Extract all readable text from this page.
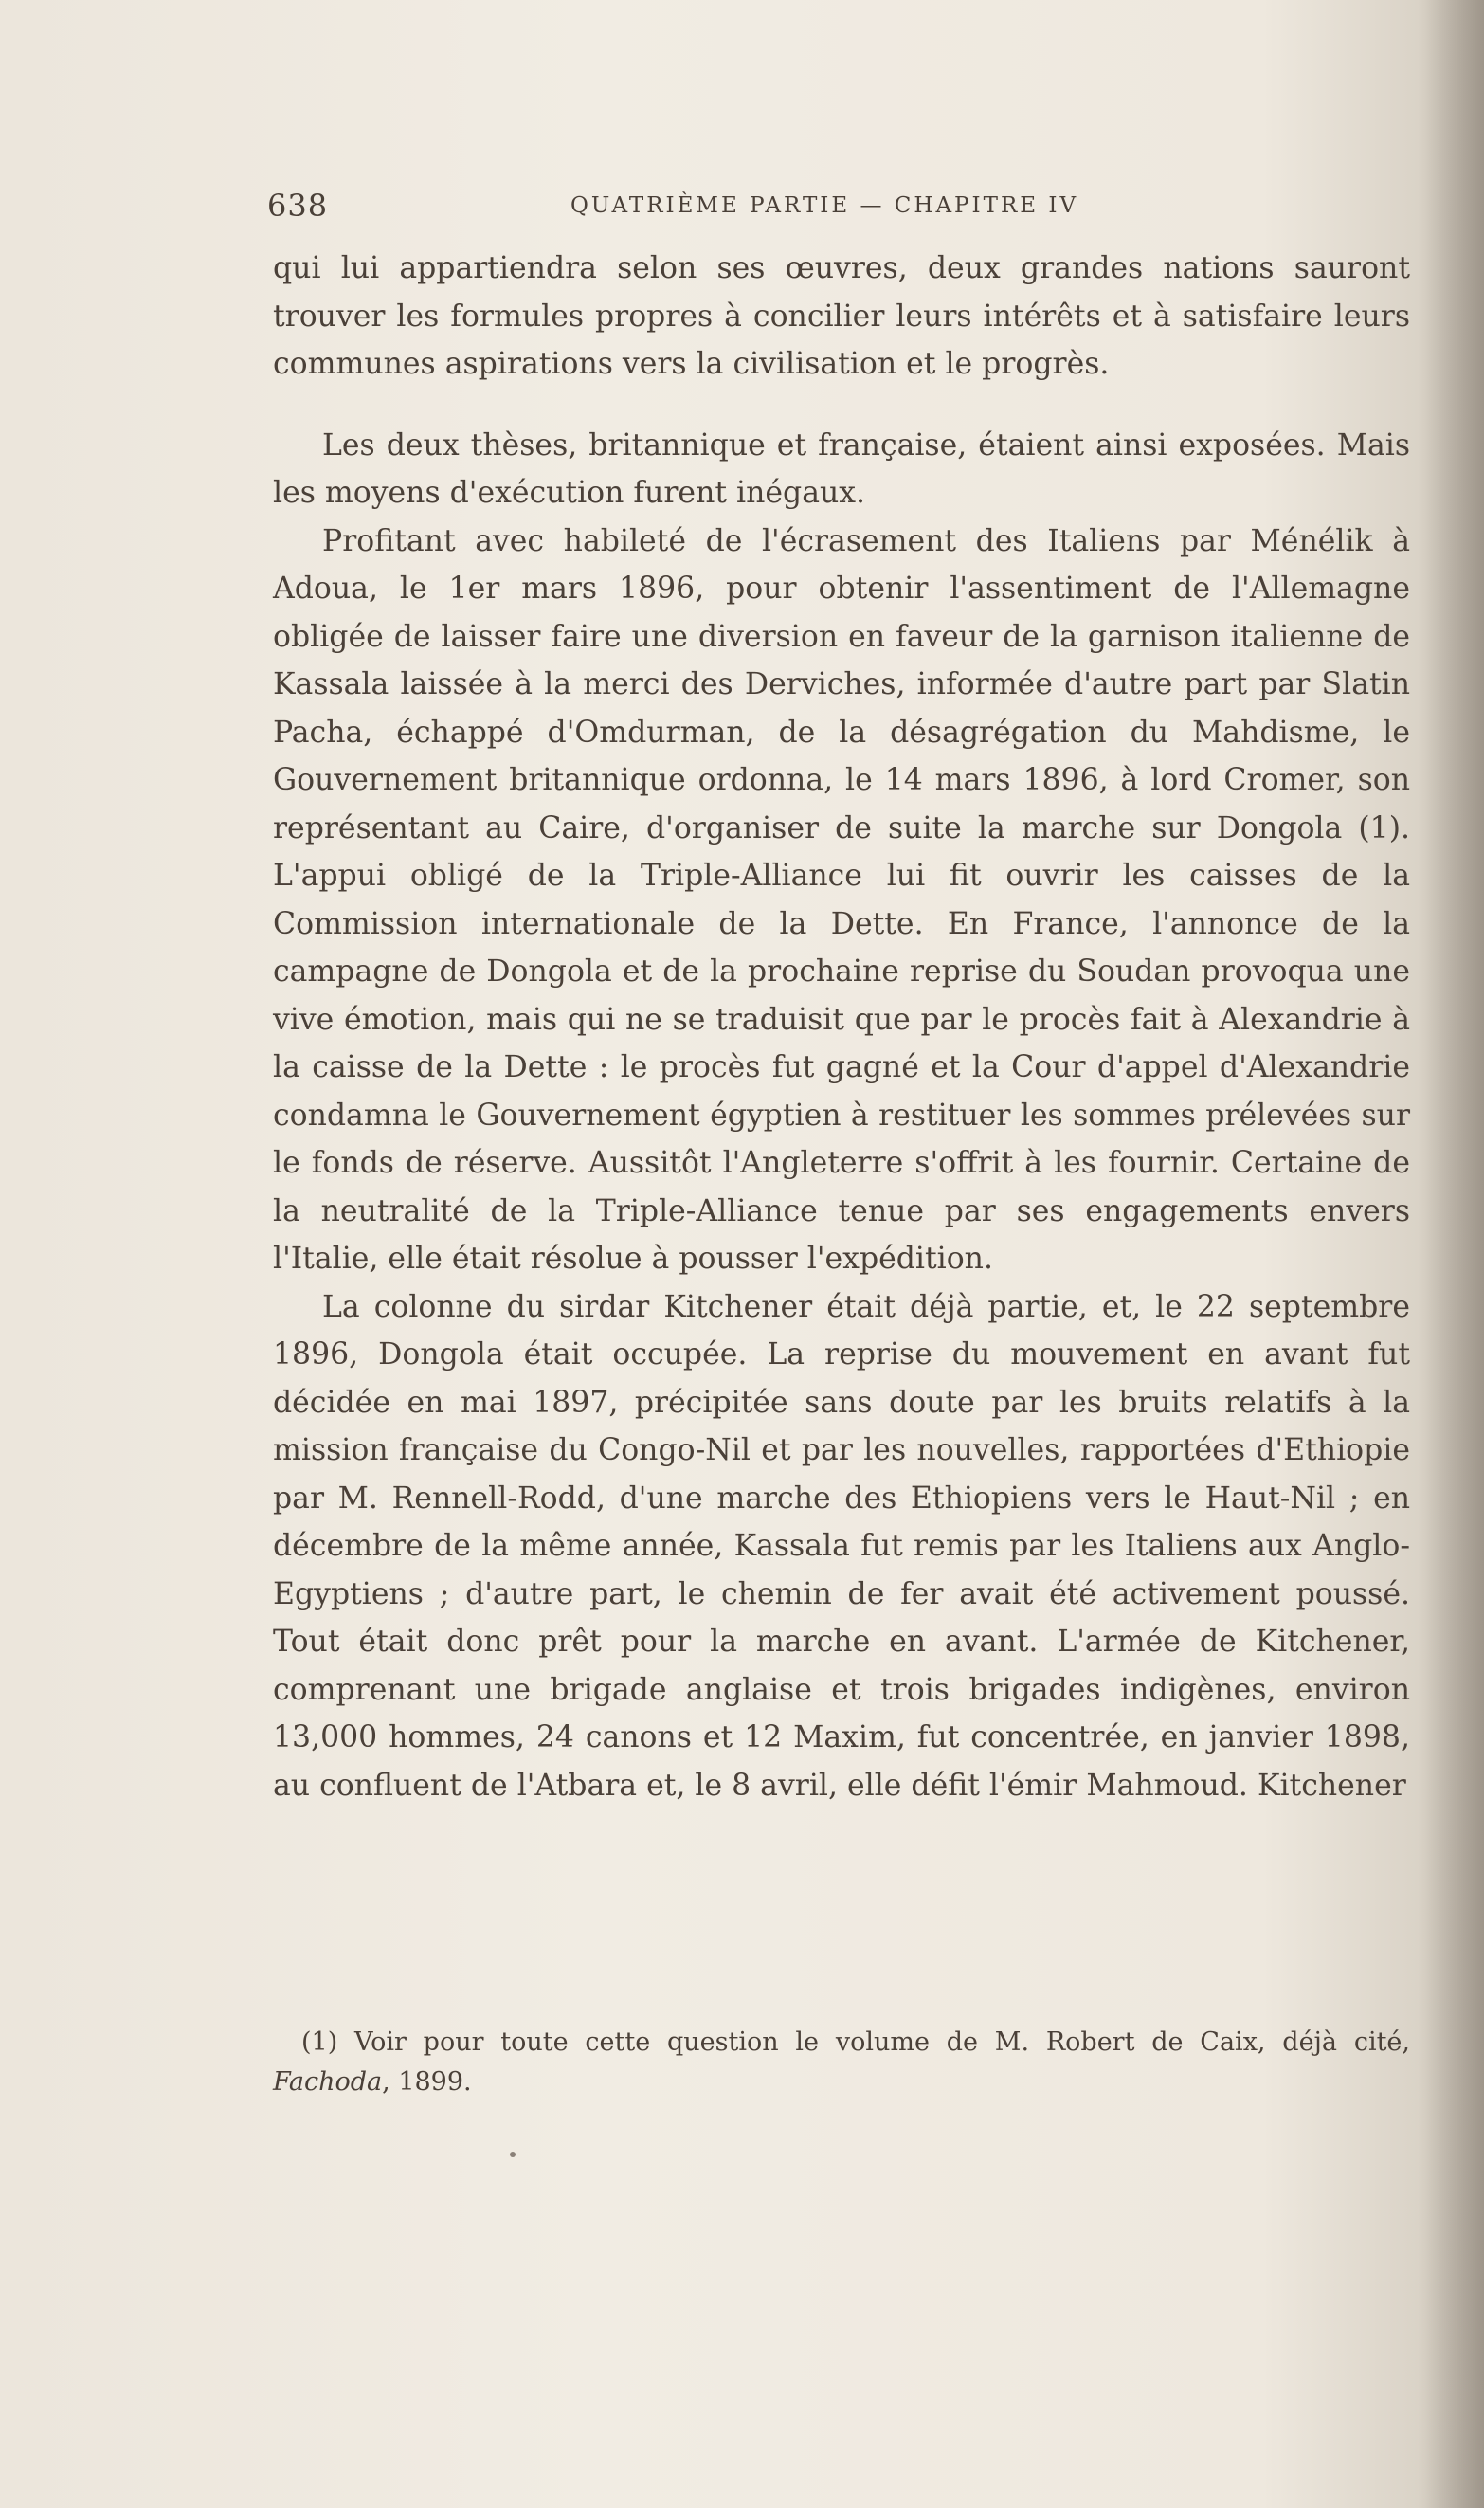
638	QUATRIÈME PARTIE — CHAPITRE IV

qui lui appartiendra selon ses œuvres, deux grandes nations sauront trouver les formules propres à concilier leurs intérêts et à satisfaire leurs communes aspirations vers la civilisation et le progrès.

Les deux thèses, britannique et française, étaient ainsi exposées. Mais les moyens d'exécution furent inégaux.

Profitant avec habileté de l'écrasement des Italiens par Ménélik à Adoua, le 1er mars 1896, pour obtenir l'assentiment de l'Allemagne obligée de laisser faire une diversion en faveur de la garnison italienne de Kassala laissée à la merci des Derviches, informée d'autre part par Slatin Pacha, échappé d'Omdurman, de la désagrégation du Mahdisme, le Gouvernement britannique ordonna, le 14 mars 1896, à lord Cromer, son représentant au Caire, d'organiser de suite la marche sur Dongola (1). L'appui obligé de la Triple-Alliance lui fit ouvrir les caisses de la Commission internationale de la Dette. En France, l'annonce de la campagne de Dongola et de la prochaine reprise du Soudan provoqua une vive émotion, mais qui ne se traduisit que par le procès fait à Alexandrie à la caisse de la Dette : le procès fut gagné et la Cour d'appel d'Alexandrie condamna le Gouvernement égyptien à restituer les sommes prélevées sur le fonds de réserve. Aussitôt l'Angleterre s'offrit à les fournir. Certaine de la neutralité de la Triple-Alliance tenue par ses engagements envers l'Italie, elle était résolue à pousser l'expédition.

La colonne du sirdar Kitchener était déjà partie, et, le 22 septembre 1896, Dongola était occupée. La reprise du mouvement en avant fut décidée en mai 1897, précipitée sans doute par les bruits relatifs à la mission française du Congo-Nil et par les nouvelles, rapportées d'Ethiopie par M. Rennell-Rodd, d'une marche des Ethiopiens vers le Haut-Nil ; en décembre de la même année, Kassala fut remis par les Italiens aux Anglo-Egyptiens ; d'autre part, le chemin de fer avait été activement poussé. Tout était donc prêt pour la marche en avant. L'armée de Kitchener, comprenant une brigade anglaise et trois brigades indigènes, environ 13,000 hommes, 24 canons et 12 Maxim, fut concentrée, en janvier 1898, au confluent de l'Atbara et, le 8 avril, elle défit l'émir Mahmoud. Kitchener

(1) Voir pour toute cette question le volume de M. Robert de Caix, déjà cité, Fachoda, 1899.
